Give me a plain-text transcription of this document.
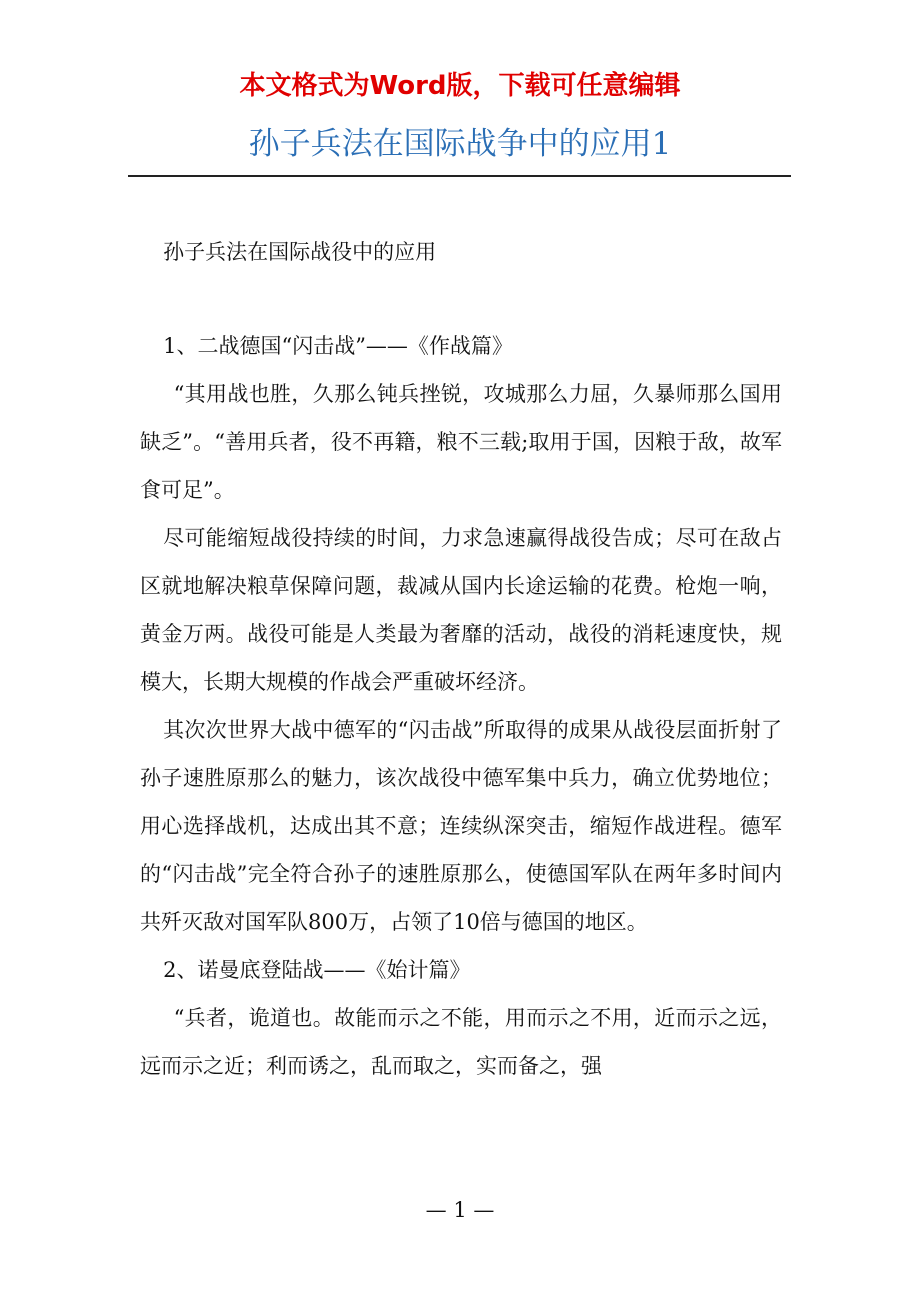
本文格式为Word版，下载可任意编辑
孙子兵法在国际战争中的应用1

孙子兵法在国际战役中的应用

1、二战德国“闪击战”——《作战篇》

“其用战也胜，久那么钝兵挫锐，攻城那么力屈，久暴师那么国用缺乏”。“善用兵者，役不再籍，粮不三载;取用于国，因粮于敌，故军食可足”。

尽可能缩短战役持续的时间，力求急速赢得战役告成；尽可在敌占区就地解决粮草保障问题，裁减从国内长途运输的花费。枪炮一响，黄金万两。战役可能是人类最为奢靡的活动，战役的消耗速度快，规模大，长期大规模的作战会严重破坏经济。

其次次世界大战中德军的“闪击战”所取得的成果从战役层面折射了孙子速胜原那么的魅力，该次战役中德军集中兵力，确立优势地位；用心选择战机，达成出其不意；连续纵深突击，缩短作战进程。德军的“闪击战”完全符合孙子的速胜原那么，使德国军队在两年多时间内共歼灭敌对国军队800万，占领了10倍与德国的地区。

2、诺曼底登陆战——《始计篇》

“兵者，诡道也。故能而示之不能，用而示之不用，近而示之远，远而示之近；利而诱之，乱而取之，实而备之，强

— 1 —
